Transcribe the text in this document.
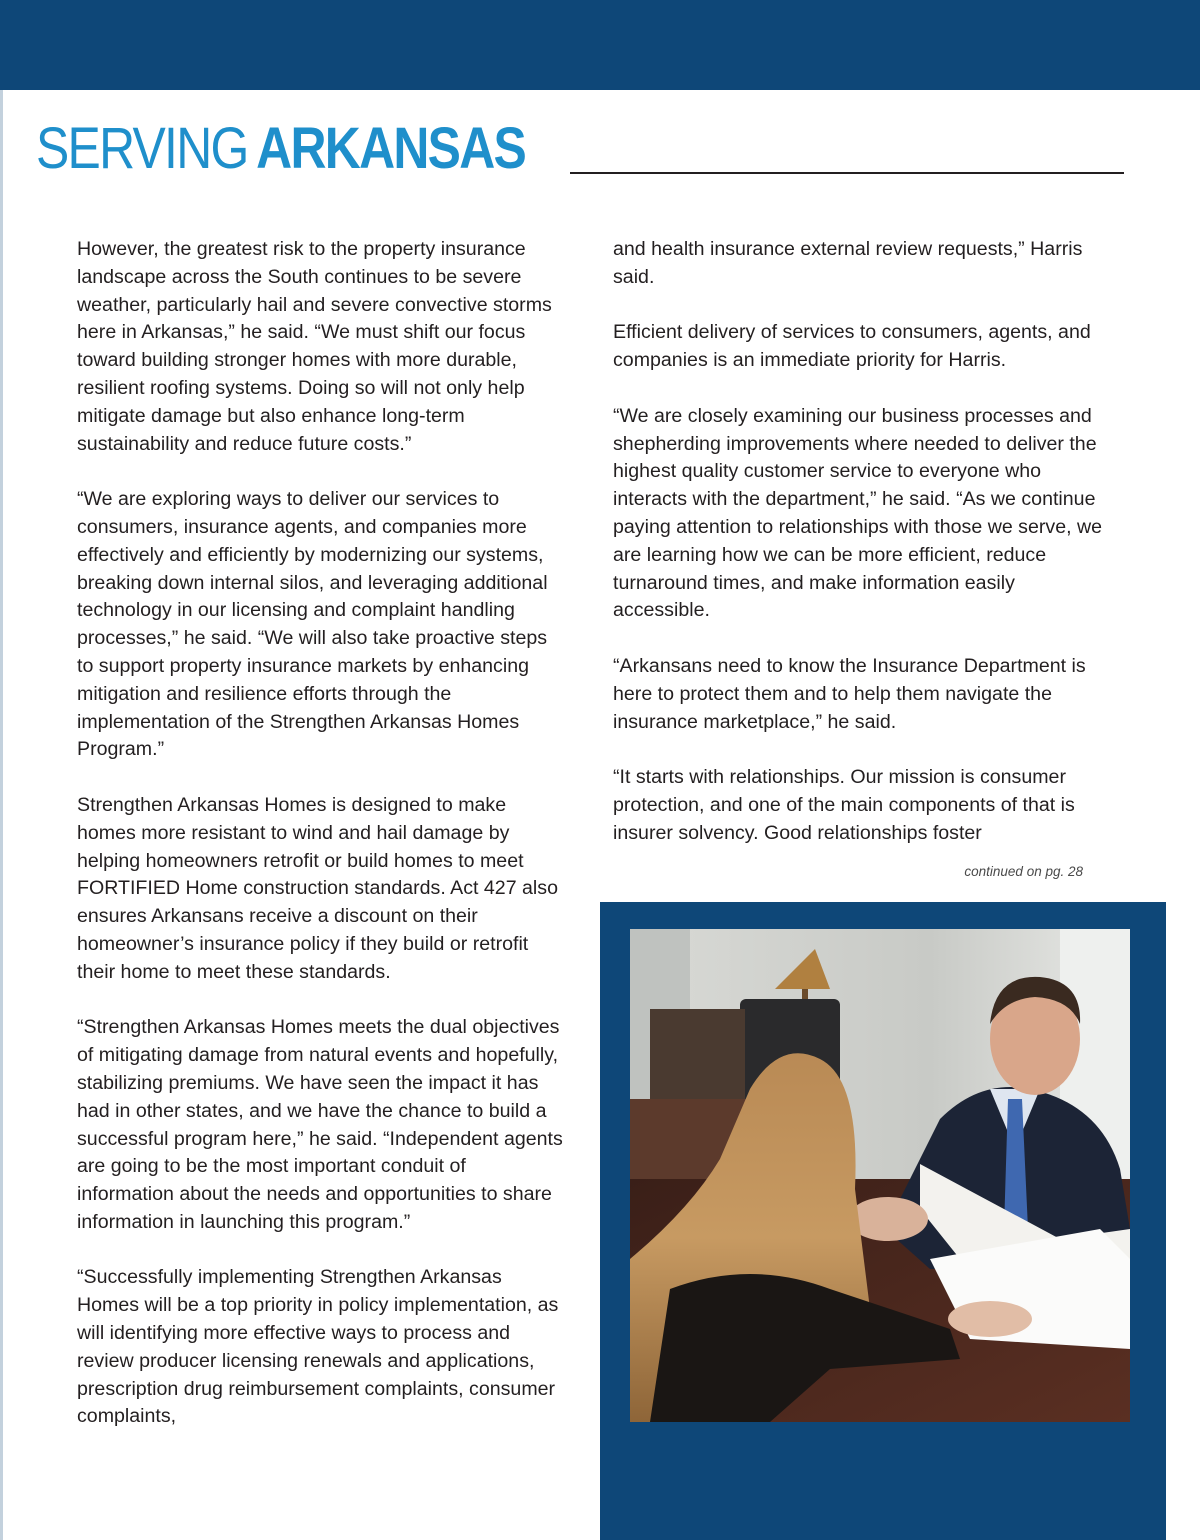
SERVING ARKANSAS

However, the greatest risk to the property insurance landscape across the South continues to be severe weather, particularly hail and severe convective storms here in Arkansas,” he said. “We must shift our focus toward building stronger homes with more durable, resilient roofing systems. Doing so will not only help mitigate damage but also enhance long-term sustainability and reduce future costs.”

“We are exploring ways to deliver our services to consumers, insurance agents, and companies more effectively and efficiently by modernizing our systems, breaking down internal silos, and leveraging additional technology in our licensing and complaint handling processes,” he said. “We will also take proactive steps to support property insurance markets by enhancing mitigation and resilience efforts through the implementation of the Strengthen Arkansas Homes Program.”

Strengthen Arkansas Homes is designed to make homes more resistant to wind and hail damage by helping homeowners retrofit or build homes to meet FORTIFIED Home construction standards. Act 427 also ensures Arkansans receive a discount on their homeowner’s insurance policy if they build or retrofit their home to meet these standards.

“Strengthen Arkansas Homes meets the dual objectives of mitigating damage from natural events and hopefully, stabilizing premiums. We have seen the impact it has had in other states, and we have the chance to build a successful program here,” he said. “Independent agents are going to be the most important conduit of information about the needs and opportunities to share information in launching this program.”

“Successfully implementing Strengthen Arkansas Homes will be a top priority in policy implementation, as will identifying more effective ways to process and review producer licensing renewals and applications, prescription drug reimbursement complaints, consumer complaints,

and health insurance external review requests,” Harris said.

Efficient delivery of services to consumers, agents, and companies is an immediate priority for Harris.

“We are closely examining our business processes and shepherding improvements where needed to deliver the highest quality customer service to everyone who interacts with the department,” he said. “As we continue paying attention to relationships with those we serve, we are learning how we can be more efficient, reduce turnaround times, and make information easily accessible.

“Arkansans need to know the Insurance Department is here to protect them and to help them navigate the insurance marketplace,” he said.

“It starts with relationships. Our mission is consumer protection, and one of the main components of that is insurer solvency. Good relationships foster

continued on pg. 28
